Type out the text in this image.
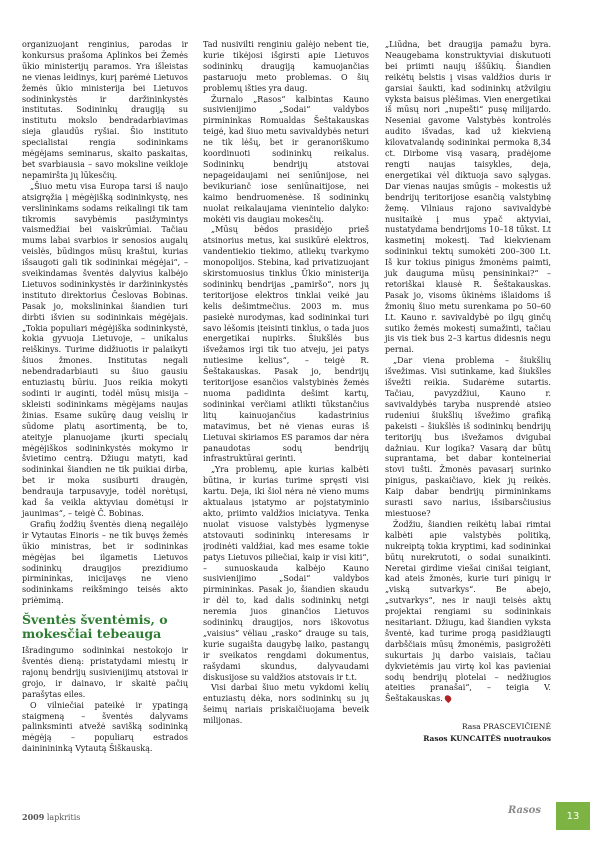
organizuojant renginius, parodas ir konkursus prašoma Aplinkos bei Žemės ūkio ministerijų paramos. Yra išleistas ne vienas leidinys, kurį parėmė Lietuvos žemės ūkio ministerija bei Lietuvos sodininkystės ir daržininkystės institutas. Sodininkų draugiją su institutu mokslo bendradarbiavimas sieja glaudūs ryšiai. Šio instituto specialistai rengia sodininkams mėgėjams seminarus, skaito paskaitas, bet svarbiausia – savo moksline veikloje nepamiršta jų lūkesčių.

„Šiuo metu visa Europa tarsi iš naujo atsigręžia į mėgėjišką sodininkystę, nes verslininkams sodams reikalingi tik tam tikromis savybėmis pasižymintys vaismedžiai bei vaiskrūmiai. Tačiau mums labai svarbios ir senosios augalų veislės, būdingos mūsų kraštui, kurias išsaugoti gali tik sodininkai mėgėjai“, – sveikindamas šventės dalyvius kalbėjo Lietuvos sodininkystės ir daržininkystės instituto direktorius Česlovas Bobinas. Pasak jo, mokslininkai šiandien turi dirbti išvien su sodininkais mėgėjais. „Tokia populiari mėgėjiška sodininkystė, kokia gyvuoja Lietuvoje, – unikalus reiškinys. Turime didžiuotis ir palaikyti šiuos žmones. Institutas negali nebendradarbiauti su šiuo gausiu entuziastų būriu. Juos reikia mokyti sodinti ir auginti, todėl mūsų misija – skleisti sodininkams mėgėjams naujas žinias. Esame sukūrę daug veislių ir sūdome platų asortimentą, be to, ateityje planuojame įkurti specialų mėgėjiškos sodininkystės mokymo ir švietimo centrą. Džiugu matyti, kad sodininkai šiandien ne tik puikiai dirba, bet ir moka susiburti draugėn, bendrauja tarpusavyje, todėl norėtųsi, kad ša veikla aktyviau domėtųsi ir jaunimas“, – teigė Č. Bobinas.

Grafių žodžių šventės dieną negailėjo ir Vytautas Einoris – ne tik buvęs žemės ūkio ministras, bet ir sodininkas mėgėjas bei ilgametis Lietuvos sodininkų draugijos prezidiumo pirmininkas, inicijavęs ne vieno sodininkams reikšmingo teisės akto priėmimą.

Šventės šventėmis, o mokesčiai tebeauga

Išradingumo sodininkai nestokojo ir šventės dieną: pristatydami miestų ir rajonų bendrijų susivienijimų atstovai ir grojo, ir dainavo, ir skaitė pačių parašytas eiles.

O vilniečiai pateikė ir ypatingą staigmeną – šventės dalyvams palinksminti atvežė savišką sodininką mėgėją – populiarų estrados daininininką Vytautą Šiškauską.

Tad nusivilti renginiu galėjo nebent tie, kurie tikėjosi išgirsti apie Lietuvos sodininkų draugiją kamuojančias pastaruoju meto problemas. O šių problemų išties yra daug.

Žurnalo „Rasos“ kalbintas Kauno susivienijimo „Sodai“ valdybos pirmininkas Romualdas Šeštakauskas teigė, kad šiuo metu savivaldybės neturi ne tik lėšų, bet ir geranoriškumo koordinuoti sodininkų reikalus. Sodininkų bendrijų atstovai nepageidaujami nei seniūnijose, nei bevikurianč iose seniūnaitijose, nei kaimo bendruomenėse. Iš sodininkų nuolat reikalaujama vienintelio dalyko: mokėti vis daugiau mokesčių.

„Mūsų bėdos prasidėjo prieš atsinorius metus, kai susikūrė elektros, vandentiekio tiekimo, atliekų tvarkymo monopolijos. Stebina, kad privatizuojant skirstomuosius tinklus Ūkio ministerija sodininkų bendrijas „pamiršo“, nors jų teritorijose elektros tinklai veikė jau kelis dešimtmečius. 2003 m. mus pasiekė nurodymas, kad sodininkai turi savo lėšomis įteisinti tinklus, o tada juos energetikai nupirks. Šiukšlės bus išvežamos irgi tik tuo atveju, jei patys nutiesime kelius“, – teigė R. Šeštakauskas. Pasak jo, bendrijų teritorijose esančios valstybinės žemės nuoma padidinta dešimt kartų, sodininkai verčiami atlikti tūkstančius litų kainuojančius kadastrinius matavimus, bet nė vienas euras iš Lietuvai skiriamos ES paramos dar nėra panaudotas sodų bendrijų infrastruktūrai gerinti.

„Yra problemų, apie kurias kalbėti būtina, ir kurias turime spręsti visi kartu. Deja, iki šiol nėra nė vieno mums aktualaus įstatymo ar pojstatyminio akto, priimto valdžios iniciatyva. Tenka nuolat visuose valstybės lygmenyse atstovauti sodininkų interesams ir įrodinėti valdžiai, kad mes esame tokie patys Lietuvos piliečiai, kaip ir visi kiti“, – sunuoskauda kalbėjo Kauno susivienijimo „Sodai“ valdybos pirmininkas. Pasak jo, šiandien skaudu ir dėl to, kad dalis sodininkų netgi neremia juos ginančios Lietuvos sodininkų draugijos, nors iškovotus „vaisius“ vėliau „rasko“ drauge su tais, kurie sugaišta daugybę laiko, pastangų ir sveikatos rengdami dokumentus, rašydami skundus, dalyvaudami diskusijose su valdžios atstovais ir t.t.

Visi darbai šiuo metu vykdomi kelių entuziastų dėka, nors sodininkų su jų šeimų nariais priskaičiuojama beveik milijonas.

„Liūdna, bet draugija pamažu byra. Neaugebama konstruktyviai diskutuoti bei priimti naujų iššūkių. Šiandien reikėtų belstis į visas valdžios duris ir garsiai šaukti, kad sodininkų atžvilgiu vyksta baisus plėšimas. Vien energetikai iš mūsų nori „nupešti“ pusę milijardo. Neseniai gavome Valstybės kontrolės audito išvadas, kad už kiekvieną kilovatvalandę sodininkai permoka 8,34 ct. Dirbome visą vasarą, pradėjome rengti naujas taisykles, deja, energetikai vėl diktuoja savo sąlygas. Dar vienas naujas smūgis – mokestis už bendrijų teritorijose esančią valstybinę žemę. Vilniaus rajono savivaldybė nusitaikė į mus ypač aktyviai, nustatydama bendrijoms 10–18 tūkst. Lt kasmetinį mokestį. Tad kiekvienam sodininkui tektų sumokėti 200–300 Lt. Iš kur tokius pinigus žmonėms paimti, juk dauguma mūsų pensininkai?“ – retoriškai klausė R. Šeštakauskas. Pasak jo, visoms ūkinėms išlaidoms iš žmonių šiuo metu surenkama po 50–60 Lt. Kauno r. savivaldybė po ilgų ginčų sutiko žemės mokestį sumažinti, tačiau jis vis tiek bus 2–3 kartus didesnis negu pernai.

„Dar viena problema – šiukšlių išvežimas. Visi sutinkame, kad šiukšles išvežti reikia. Sudarėme sutartis. Tačiau, pavyzdžiui, Kauno r. savivaldybės taryba nusprendė atsieo rudeniui šiukšlių išvežimo grafiką pakeisti – šiukšlės iš sodininkų bendrijų teritorijų bus išvežamos dvigubai dažniau. Kur logika? Vasarą dar būtų suprantama, bet dabar konteineriai stovi tušti. Žmonės pavasarį surinko pinigus, paskaičiavo, kiek jų reikės. Kaip dabar bendrijų pirmininkams surasti savo narius, išsibarsčiusius miestuose?

Žodžiu, šiandien reikėtų labai rimtai kalbėti apie valstybės politiką, nukreiptą tokia kryptimi, kad sodininkai būtų nurekrutoti, o sodai sunaikinti. Neretai girdime viešai cinišai teigiant, kad ateis žmonės, kurie turi pinigų ir „viską sutvarkys“. Be abejo, „sutvarkys“, nes ir nauji teisės aktų projektai rengiami su sodininkais nesitariant. Džiugu, kad šiandien vyksta šventė, kad turime progą pasidžiaugti darbščiais mūsų žmonėmis, pasigrožėti sukurtais jų darbo vaisiais, tačiau dykvietėmis jau virtę kol kas pavieniai sodų bendrijų plotelai – nedžiugios ateities pranašai“, – teigia V. Šeštakauskas.

Rasa PRASCEVIČIENĖ
Rasos KUNCAITĖS nuotraukos
2009 lapkritis
Rasos	13
